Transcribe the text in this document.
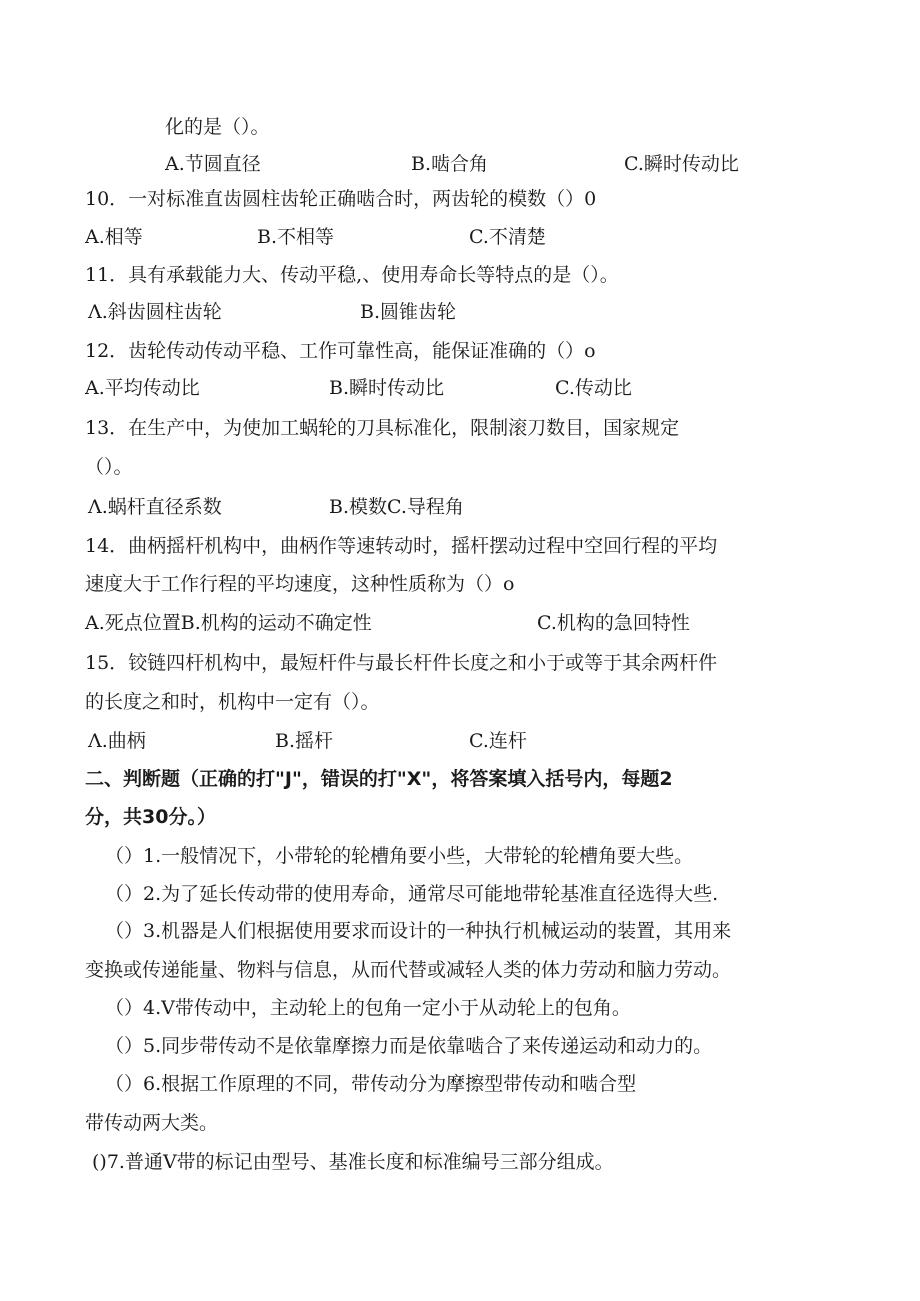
化的是（）。
A.节圆直径	B.啮合角	C.瞬时传动比
10．一对标准直齿圆柱齿轮正确啮合时，两齿轮的模数（）0
A.相等	B.不相等	C.不清楚
11．具有承载能力大、传动平稳,、使用寿命长等特点的是（）。
Λ.斜齿圆柱齿轮	B.圆锥齿轮
12．齿轮传动传动平稳、工作可靠性高，能保证准确的（）o
A.平均传动比	B.瞬时传动比	C.传动比
13．在生产中，为使加工蜗轮的刀具标准化，限制滚刀数目，国家规定
（）。
Λ.蜗杆直径系数	B.模数C.导程角
14．曲柄摇杆机构中，曲柄作等速转动时，摇杆摆动过程中空回行程的平均
速度大于工作行程的平均速度，这种性质称为（）o
A.死点位置B.机构的运动不确定性	C.机构的急回特性
15．铰链四杆机构中，最短杆件与最长杆件长度之和小于或等于其余两杆件
的长度之和时，机构中一定有（）。
Λ.曲柄	B.摇杆	C.连杆
二、判断题（正确的打"J"，错误的打"X"，将答案填入括号内，每题2
分，共30分。）
（）1.一般情况下，小带轮的轮槽角要小些，大带轮的轮槽角要大些。
（）2.为了延长传动带的使用寿命，通常尽可能地带轮基准直径选得大些.
（）3.机器是人们根据使用要求而设计的一种执行机械运动的装置，其用来
变换或传递能量、物料与信息，从而代替或减轻人类的体力劳动和脑力劳动。
（）4.V带传动中，主动轮上的包角一定小于从动轮上的包角。
（）5.同步带传动不是依靠摩擦力而是依靠啮合了来传递运动和动力的。
（）6.根据工作原理的不同，带传动分为摩擦型带传动和啮合型
带传动两大类。
()7.普通V带的标记由型号、基准长度和标准编号三部分组成。
